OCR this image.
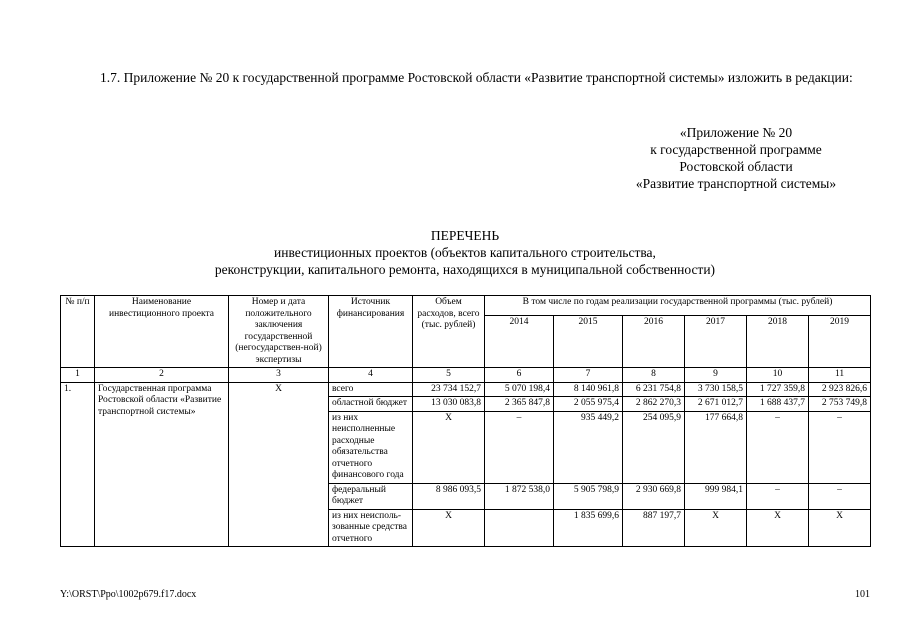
1.7. Приложение № 20 к государственной программе Ростовской области «Развитие транспортной системы» изложить в редакции:
«Приложение № 20
к государственной программе
Ростовской области
«Развитие транспортной системы»
ПЕРЕЧЕНЬ
инвестиционных проектов (объектов капитального строительства,
реконструкции, капитального ремонта, находящихся в муниципальной собственности)
№ п/п	Наименование инвестиционного проекта	Номер и дата положительного заключения государственной (негосударствен-ной) экспертизы	Источник финансирования	Объем расходов, всего (тыс. рублей)	В том числе по годам реализации государственной программы (тыс. рублей)					
					2014	2015	2016	2017	2018	2019
1	2	3	4	5	6	7	8	9	10	11
1.	Государственная программа Ростовской области «Развитие транспортной системы»	Х	всего	23 734 152,7	5 070 198,4	8 140 961,8	6 231 754,8	3 730 158,5	1 727 359,8	2 923 826,6
			областной бюджет	13 030 083,8	2 365 847,8	2 055 975,4	2 862 270,3	2 671 012,7	1 688 437,7	2 753 749,8
			из них неисполненные расходные обязательства отчетного финансового года	Х	–	935 449,2	254 095,9	177 664,8	–	–
			федеральный бюджет	8 986 093,5	1 872 538,0	5 905 798,9	2 930 669,8	999 984,1	–	–
			из них неисполь-зованные средства отчетного	Х		1 835 699,6	887 197,7	Х	Х	Х
Y:\ORST\Ppo\1002p679.f17.docx	101
